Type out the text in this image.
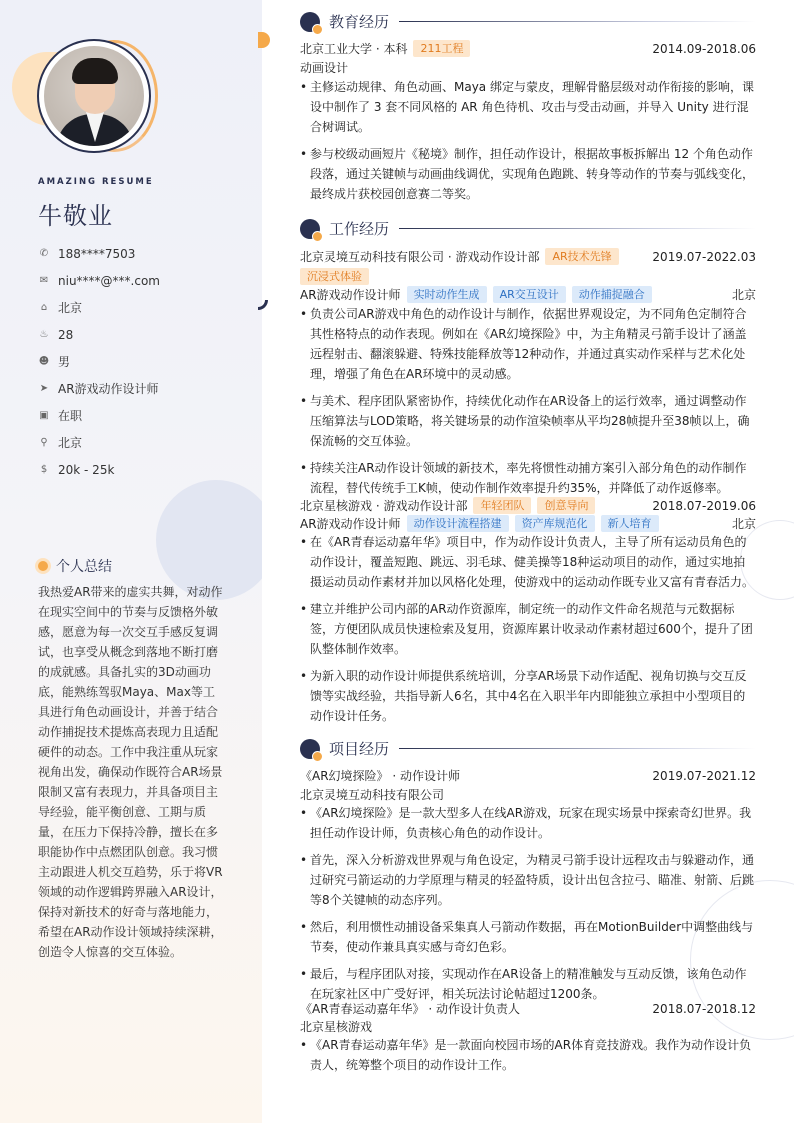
AMAZING RESUME
牛敬业
✆ 188****7503
✉ niu****@***.com
⌂ 北京
♨ 28
☻ 男
➤ AR游戏动作设计师
▣ 在职
⚲ 北京
$ 20k - 25k
个人总结

我热爱AR带来的虚实共舞，对动作在现实空间中的节奏与反馈格外敏感，愿意为每一次交互手感反复调试，也享受从概念到落地不断打磨的成就感。具备扎实的3D动画功底，能熟练驾驭Maya、Max等工具进行角色动画设计，并善于结合动作捕捉技术提炼高表现力且适配硬件的动态。工作中我注重从玩家视角出发，确保动作既符合AR场景限制又富有表现力，并具备项目主导经验，能平衡创意、工期与质量，在压力下保持冷静，擅长在多职能协作中点燃团队创意。我习惯主动跟进人机交互趋势，乐于将VR领域的动作逻辑跨界融入AR设计，保持对新技术的好奇与落地能力，希望在AR动作设计领域持续深耕，创造令人惊喜的交互体验。

教育经历
北京工业大学 · 本科	211工程	2014.09-2018.06
动画设计
• 主修运动规律、角色动画、Maya 绑定与蒙皮，理解骨骼层级对动作衔接的影响，课设中制作了 3 套不同风格的 AR 角色待机、攻击与受击动画，并导入 Unity 进行混合树调试。
• 参与校级动画短片《秘境》制作，担任动作设计，根据故事板拆解出 12 个角色动作段落，通过关键帧与动画曲线调优，实现角色跑跳、转身等动作的节奏与弧线变化，最终成片获校园创意赛二等奖。
工作经历
北京灵境互动科技有限公司 · 游戏动作设计部	AR技术先锋	2019.07-2022.03
沉浸式体验
AR游戏动作设计师	实时动作生成	AR交互设计	动作捕捉融合	北京
• 负责公司AR游戏中角色的动作设计与制作，依据世界观设定，为不同角色定制符合其性格特点的动作表现。例如在《AR幻境探险》中，为主角精灵弓箭手设计了涵盖远程射击、翻滚躲避、特殊技能释放等12种动作，并通过真实动作采样与艺术化处理，增强了角色在AR环境中的灵动感。
• 与美术、程序团队紧密协作，持续优化动作在AR设备上的运行效率，通过调整动作压缩算法与LOD策略，将关键场景的动作渲染帧率从平均28帧提升至38帧以上，确保流畅的交互体验。
• 持续关注AR动作设计领域的新技术，率先将惯性动捕方案引入部分角色的动作制作流程，替代传统手工K帧，使动作制作效率提升约35%，并降低了动作返修率。
北京星核游戏 · 游戏动作设计部	年轻团队	创意导向	2018.07-2019.06
AR游戏动作设计师	动作设计流程搭建	资产库规范化	新人培育	北京
• 在《AR青春运动嘉年华》项目中，作为动作设计负责人，主导了所有运动员角色的动作设计，覆盖短跑、跳远、羽毛球、健美操等18种运动项目的动作，通过实地拍摄运动员动作素材并加以风格化处理，使游戏中的运动动作既专业又富有青春活力。
• 建立并维护公司内部的AR动作资源库，制定统一的动作文件命名规范与元数据标签，方便团队成员快速检索及复用，资源库累计收录动作素材超过600个，提升了团队整体制作效率。
• 为新入职的动作设计师提供系统培训，分享AR场景下动作适配、视角切换与交互反馈等实战经验，共指导新人6名，其中4名在入职半年内即能独立承担中小型项目的动作设计任务。
项目经历
《AR幻境探险》 · 动作设计师	2019.07-2021.12
北京灵境互动科技有限公司
• 《AR幻境探险》是一款大型多人在线AR游戏，玩家在现实场景中探索奇幻世界。我担任动作设计师，负责核心角色的动作设计。
• 首先，深入分析游戏世界观与角色设定，为精灵弓箭手设计远程攻击与躲避动作，通过研究弓箭运动的力学原理与精灵的轻盈特质，设计出包含拉弓、瞄准、射箭、后跳等8个关键帧的动态序列。
• 然后，利用惯性动捕设备采集真人弓箭动作数据，再在MotionBuilder中调整曲线与节奏，使动作兼具真实感与奇幻色彩。
• 最后，与程序团队对接，实现动作在AR设备上的精准触发与互动反馈，该角色动作在玩家社区中广受好评，相关玩法讨论帖超过1200条。
《AR青春运动嘉年华》 · 动作设计负责人	2018.07-2018.12
北京星核游戏
• 《AR青春运动嘉年华》是一款面向校园市场的AR体育竞技游戏。我作为动作设计负责人，统筹整个项目的动作设计工作。
